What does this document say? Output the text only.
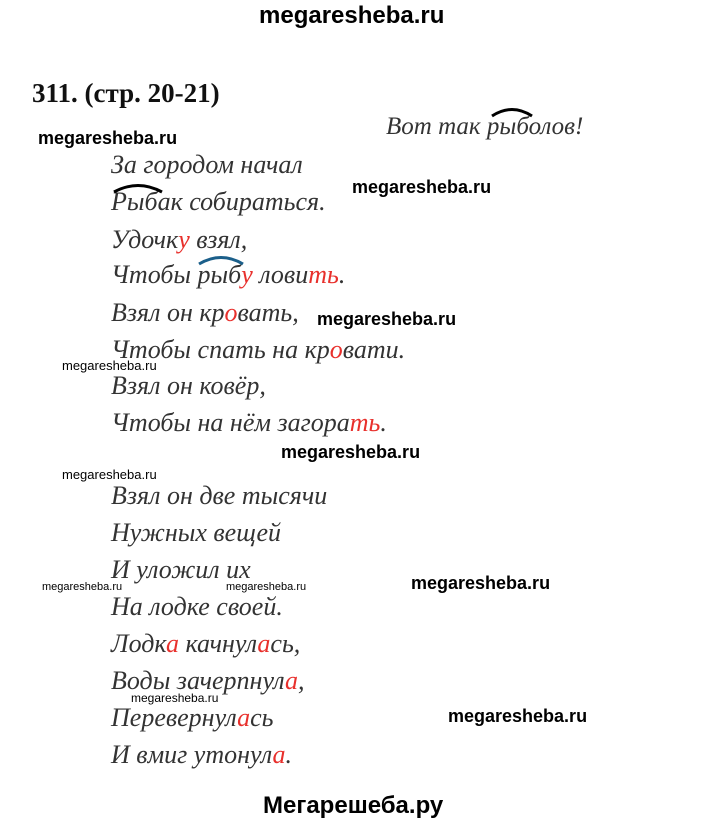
megaresheba.ru
megaresheba.ru
megaresheba.ru
megaresheba.ru
megaresheba.ru
megaresheba.ru
megaresheba.ru
megaresheba.ru
megaresheba.ru	megaresheba.ru
megaresheba.ru
megaresheba.ru
311. (стр. 20-21)
Вот так
рыболов!
За городом начал
Рыбак собираться.
Удочку взял,
Чтобы
рыбу ловить.
Взял он кровать,
Чтобы спать на кровати.
Взял он ковёр,
Чтобы на нём загорать.
Взял он две тысячи
Нужных вещей
И уложил их
На лодке своей.
Лодка качнулась,
Воды зачерпнула,
Перевернулась
И вмиг утонула.
Мегарешеба.ру
